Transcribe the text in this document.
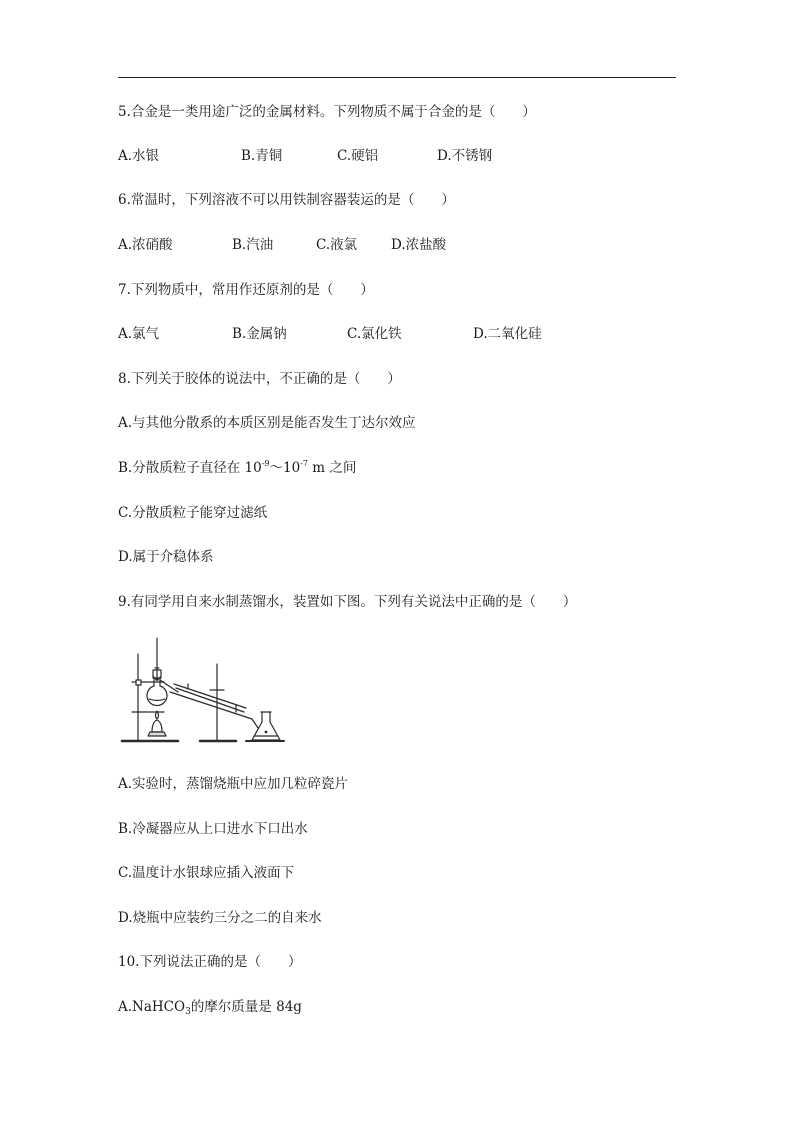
5.合金是一类用途广泛的金属材料。下列物质不属于合金的是（　　）
A.水银	B.青铜	C.硬铝	D.不锈钢
6.常温时，下列溶液不可以用铁制容器装运的是（　　）
A.浓硝酸	B.汽油	C.液氯	D.浓盐酸
7.下列物质中，常用作还原剂的是（　　）
A.氯气	B.金属钠	C.氯化铁	D.二氧化硅
8.下列关于胶体的说法中，不正确的是（　　）
A.与其他分散系的本质区别是能否发生丁达尔效应
B.分散质粒子直径在 $10^{-9}\sim 10^{-7}$ m 之间
C.分散质粒子能穿过滤纸
D.属于介稳体系
9.有同学用自来水制蒸馏水，装置如下图。下列有关说法中正确的是（　　）
A.实验时，蒸馏烧瓶中应加几粒碎瓷片
B.冷凝器应从上口进水下口出水
C.温度计水银球应插入液面下
D.烧瓶中应装约三分之二的自来水
10.下列说法正确的是（　　）
A.NaHCO$_3$的摩尔质量是 84g
